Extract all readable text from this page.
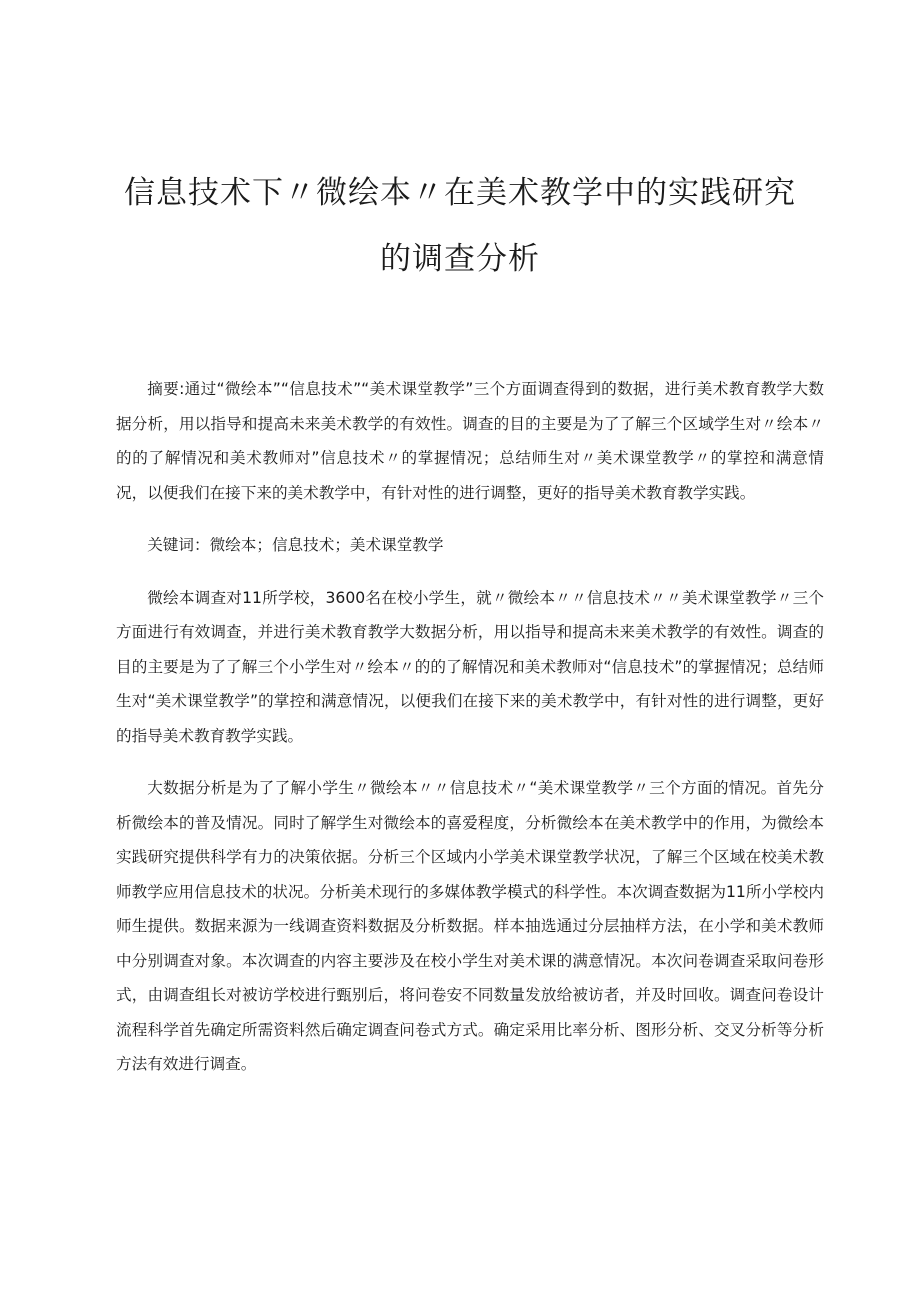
信息技术下〃微绘本〃在美术教学中的实践研究
的调查分析

摘要:通过“微绘本”“信息技术”“美术课堂教学”三个方面调查得到的数据，进行美术教育教学大数据分析，用以指导和提高未来美术教学的有效性。调查的目的主要是为了了解三个区域学生对〃绘本〃的的了解情况和美术教师对”信息技术〃的掌握情况；总结师生对〃美术课堂教学〃的掌控和满意情况，以便我们在接下来的美术教学中，有针对性的进行调整，更好的指导美术教育教学实践。

关键词：微绘本；信息技术；美术课堂教学

微绘本调查对11所学校，3600名在校小学生，就〃微绘本〃〃信息技术〃〃美术课堂教学〃三个方面进行有效调查，并进行美术教育教学大数据分析，用以指导和提高未来美术教学的有效性。调查的目的主要是为了了解三个小学生对〃绘本〃的的了解情况和美术教师对“信息技术”的掌握情况；总结师生对“美术课堂教学”的掌控和满意情况，以便我们在接下来的美术教学中，有针对性的进行调整，更好的指导美术教育教学实践。

大数据分析是为了了解小学生〃微绘本〃〃信息技术〃“美术课堂教学〃三个方面的情况。首先分析微绘本的普及情况。同时了解学生对微绘本的喜爱程度，分析微绘本在美术教学中的作用，为微绘本实践研究提供科学有力的决策依据。分析三个区域内小学美术课堂教学状况，了解三个区域在校美术教师教学应用信息技术的状况。分析美术现行的多媒体教学模式的科学性。本次调查数据为11所小学校内师生提供。数据来源为一线调查资料数据及分析数据。样本抽选通过分层抽样方法，在小学和美术教师中分别调查对象。本次调查的内容主要涉及在校小学生对美术课的满意情况。本次问卷调查采取问卷形式，由调查组长对被访学校进行甄别后，将问卷安不同数量发放给被访者，并及时回收。调查问卷设计流程科学首先确定所需资料然后确定调查问卷式方式。确定采用比率分析、图形分析、交叉分析等分析方法有效进行调查。
